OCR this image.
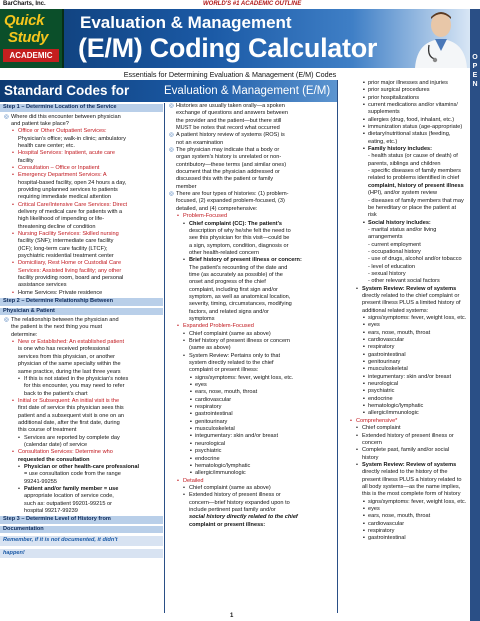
BarCharts, Inc.	WORLD'S #1 ACADEMIC OUTLINE
Quick
Study
ACADEMIC
Evaluation & Management
(E/M) Coding Calculator	OPEN
Essentials for Determining Evaluation & Management (E/M) Codes
Standard Codes for	Evaluation & Management (E/M)
Step 1 – Determine Location of the Service
◎ Where did this encounter between physician
and patient take place?
• Office or Other Outpatient Services:
Physician's office; walk-in clinic; ambulatory
health care center; etc.
• Hospital Services: Inpatient, acute care
facility
• Consultation – Office or Inpatient
• Emergency Department Services: A
hospital-based facility, open 24 hours a day,
providing unplanned services to patients
requiring immediate medical attention
• Critical Care/Intensive Care Services: Direct
delivery of medical care for patients with a
high likelihood of impending or life-
threatening decline of condition
• Nursing Facility Services: Skilled nursing
facility (SNF); intermediate care facility
(ICF); long-term care facility (LTCF);
psychiatric residential treatment center
• Domiciliary, Rest Home or Custodial Care
Services: Assisted living facility; any other
facility providing room, board and personal
assistance services
• Home Services: Private residence
Step 2 – Determine Relationship Between
Physician & Patient
◎ The relationship between the physician and
the patient is the next thing you must
determine:
• New or Established: An established patient
is one who has received professional
services from this physician, or another
physician of the same specialty within the
same practice, during the last three years
• If this is not stated in the physician's notes
for this encounter, you may need to refer
back to the patient's chart
• Initial or Subsequent: An initial visit is the
first date of service this physician sees this
patient and a subsequent visit is one on an
additional date, after the first date, during
this course of treatment
• Services are reported by complete day
(calendar date) of service
• Consultation Services: Determine who
requested the consultation
• Physician or other health-care professional
= use consultation code from the range
99241-99255
• Patient and/or family member = use
appropriate location of service code,
such as: outpatient 99201-99215 or
hospital 99217-99239
Step 3 – Determine Level of History from
Documentation
Remember, if it is not documented, it didn't
happen!
◎ Histories are usually taken orally—a spoken
exchange of questions and answers between
the provider and the patient—but there still
MUST be notes that record what occurred
◎ A patient history review of systems (ROS) is
not an examination
◎ The physician may indicate that a body or
organ system's history is unrelated or non-
contributory—these terms (and similar ones)
document that the physician addressed or
discussed this with the patient or family
member
◎ There are four types of histories: (1) problem-
focused, (2) expanded problem-focused, (3)
detailed, and (4) comprehensive:
• Problem-Focused
• Chief complaint (CC): The patient's
description of why he/she felt the need to
see this physician for this visit—could be
a sign, symptom, condition, diagnosis or
other health-related concern
• Brief history of present illness or concern:
The patient's recounting of the date and
time (as accurately as possible) of the
onset and progress of the chief
complaint, including first sign and/or
symptom, as well as anatomical location,
severity, timing, circumstances, modifying
factors, and related signs and/or
symptoms
• Expanded Problem-Focused
• Chief complaint (same as above)
• Brief history of present illness or concern
(same as above)
• System Review: Pertains only to that
system directly related to the chief
complaint or present illness:
▪ signs/symptoms: fever, weight loss, etc.
▪ eyes
▪ ears, nose, mouth, throat
▪ cardiovascular
▪ respiratory
▪ gastrointestinal
▪ genitourinary
▪ musculoskeletal
▪ integumentary: skin and/or breast
▪ neurological
▪ psychiatric
▪ endocrine
▪ hematologic/lymphatic
▪ allergic/immunologic
• Detailed
• Chief complaint (same as above)
• Extended history of present illness or
concern—brief history expanded upon to
include pertinent past family and/or
social history directly related to the chief
complaint or present illness:
▪ prior major illnesses and injuries
▪ prior surgical procedures
▪ prior hospitalizations
▪ current medications and/or vitamins/
supplements
▪ allergies (drug, food, inhalant, etc.)
▪ immunization status (age-appropriate)
▪ dietary/nutritional status (feeding,
eating, etc.)
▪ Family history includes:
- health status (or cause of death) of
parents, siblings and children
- specific diseases of family members
related to problems identified in chief
complaint, history of present illness
(HPI), and/or system review
- diseases of family members that may
be hereditary or place the patient at
risk
▪ Social history includes:
- marital status and/or living
arrangements
- current employment
- occupational history
- use of drugs, alcohol and/or tobacco
- level of education
- sexual history
- other relevant social factors
• System Review: Review of systems
directly related to the chief complaint or
present illness PLUS a limited history of
additional related systems:
▪ signs/symptoms: fever, weight loss, etc.
▪ eyes
▪ ears, nose, mouth, throat
▪ cardiovascular
▪ respiratory
▪ gastrointestinal
▪ genitourinary
▪ musculoskeletal
▪ integumentary: skin and/or breast
▪ neurological
▪ psychiatric
▪ endocrine
▪ hematologic/lymphatic
▪ allergic/immunologic
• Comprehensive*
• Chief complaint
• Extended history of present illness or
concern
• Complete past, family and/or social
history
• System Review: Review of systems
directly related to the history of the
present illness PLUS a history related to
all body systems—as the name implies,
this is the most complete form of history
▪ signs/symptoms: fever, weight loss, etc.
▪ eyes
▪ ears, nose, mouth, throat
▪ cardiovascular
▪ respiratory
▪ gastrointestinal
1
